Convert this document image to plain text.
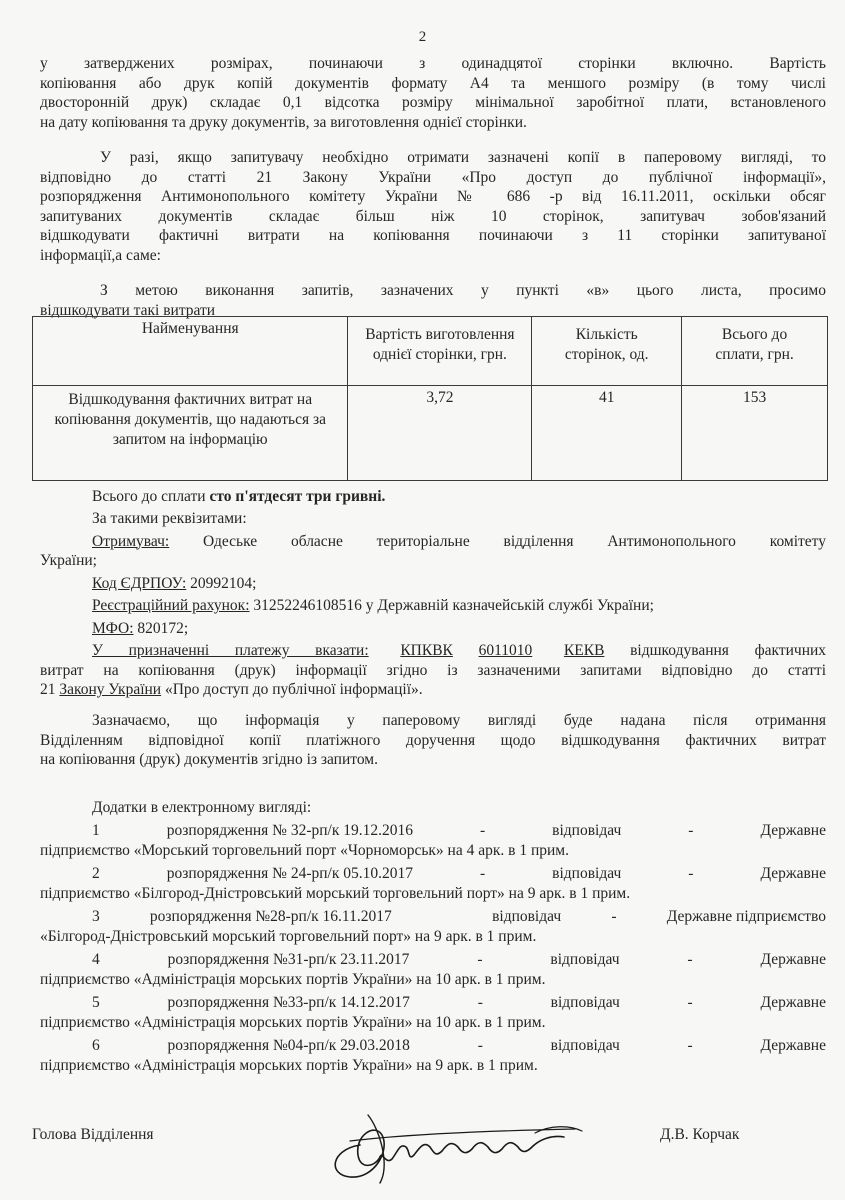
2
у затверджених розмірах, починаючи з одинадцятої сторінки включно. Вартість
копіювання або друк копій документів формату А4 та меншого розміру (в тому числі
двосторонній друк) складає 0,1 відсотка розміру мінімальної заробітної плати, встановленого
на дату копіювання та друку документів, за виготовлення однієї сторінки.
У разі, якщо запитувачу необхідно отримати зазначені копії в паперовому вигляді, то
відповідно до статті 21 Закону України «Про доступ до публічної інформації»,
розпорядження Антимонопольного комітету України № 686 -р від 16.11.2011, оскільки обсяг
запитуваних документів складає більш ніж 10 сторінок, запитувач зобов'язаний
відшкодувати фактичні витрати на копіювання починаючи з 11 сторінки запитуваної
інформації,а саме:
З метою виконання запитів, зазначених у пункті «в» цього листа, просимо
відшкодувати такі витрати
Найменування	Вартість виготовлення однієї сторінки, грн.	Кількість сторінок, од.	Всього до сплати, грн.
Відшкодування фактичних витрат на копіювання документів, що надаються за запитом на інформацію	3,72	41	153
Всього до сплати сто п'ятдесят три гривні.
За такими реквізитами:
Отримувач: Одеське обласне територіальне відділення Антимонопольного комітету
України;
Код ЄДРПОУ: 20992104;
Реєстраційний рахунок: 31252246108516 у Державній казначейській службі України;
МФО: 820172;
У призначенні платежу вказати: КПКВК 6011010 КЕКВ відшкодування фактичних
витрат на копіювання (друк) інформації згідно із зазначеними запитами відповідно до статті
21 Закону України «Про доступ до публічної інформації».
Зазначаємо, що інформація у паперовому вигляді буде надана після отримання
Відділенням відповідної копії платіжного доручення щодо відшкодування фактичних витрат
на копіювання (друк) документів згідно із запитом.
Додатки в електронному вигляді:
1	розпорядження № 32-рп/к 19.12.2016	-	відповідач	-	Державне
підприємство «Морський торговельний порт «Чорноморськ» на 4 арк. в 1 прим.
2	розпорядження № 24-рп/к 05.10.2017	-	відповідач	-	Державне
підприємство «Білгород-Дністровський морський торговельний порт» на 9 арк. в 1 прим.
3	розпорядження №28-рп/к 16.11.2017	відповідач	-	Державне підприємство
«Білгород-Дністровський морський торговельний порт» на 9 арк. в 1 прим.
4	розпорядження №31-рп/к 23.11.2017	-	відповідач	-	Державне
підприємство «Адміністрація морських портів України» на 10 арк. в 1 прим.
5	розпорядження №33-рп/к 14.12.2017	-	відповідач	-	Державне
підприємство «Адміністрація морських портів України» на 10 арк. в 1 прим.
6	розпорядження №04-рп/к 29.03.2018	-	відповідач	-	Державне
підприємство «Адміністрація морських портів України» на 9 арк. в 1 прим.
Голова Відділення	Д.В. Корчак
